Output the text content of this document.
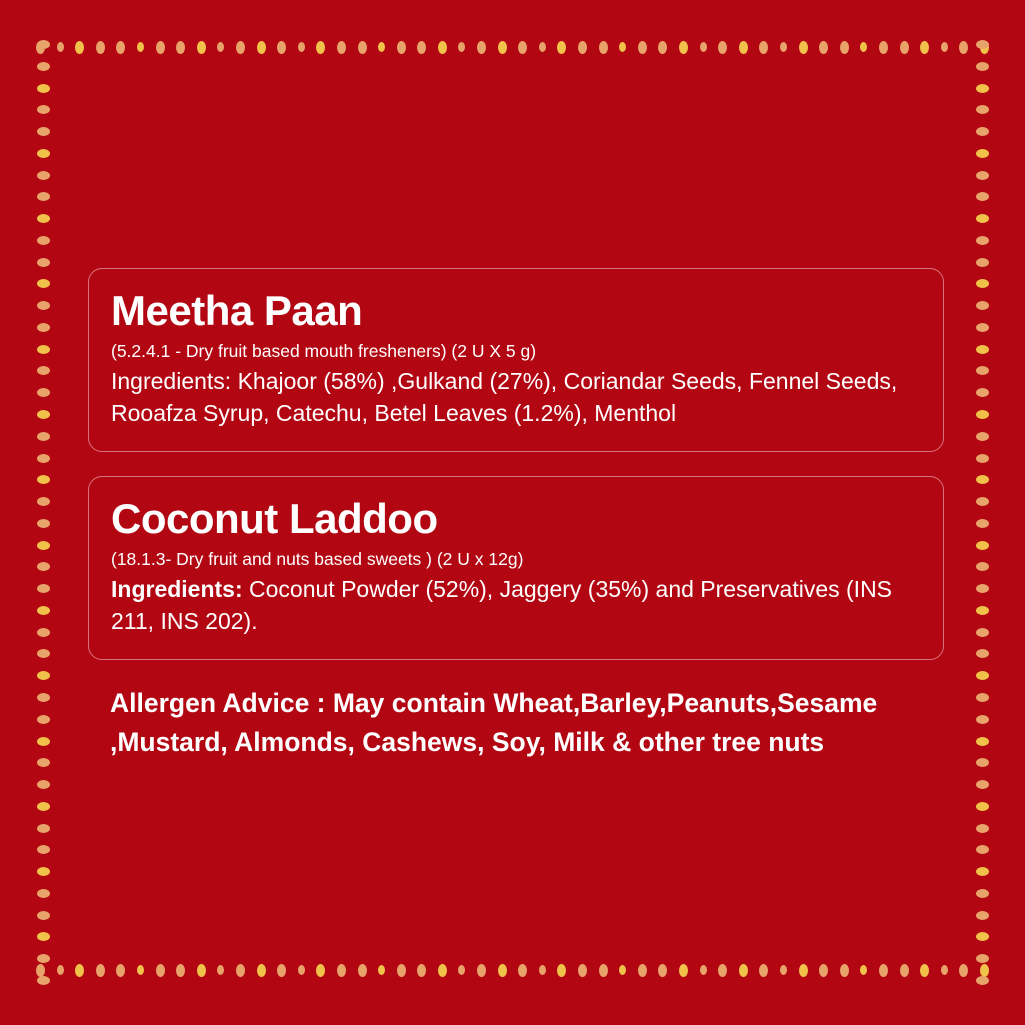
Meetha Paan
(5.2.4.1 - Dry fruit based mouth fresheners) (2 U X 5 g)
Ingredients: Khajoor (58%) ,Gulkand (27%), Coriandar Seeds, Fennel Seeds, Rooafza Syrup, Catechu, Betel Leaves (1.2%), Menthol
Coconut Laddoo
(18.1.3- Dry fruit and nuts based sweets ) (2 U x 12g)
Ingredients: Coconut Powder (52%), Jaggery (35%) and Preservatives (INS 211, INS 202).
Allergen Advice : May contain Wheat,Barley,Peanuts,Sesame ,Mustard, Almonds, Cashews, Soy, Milk & other tree nuts
